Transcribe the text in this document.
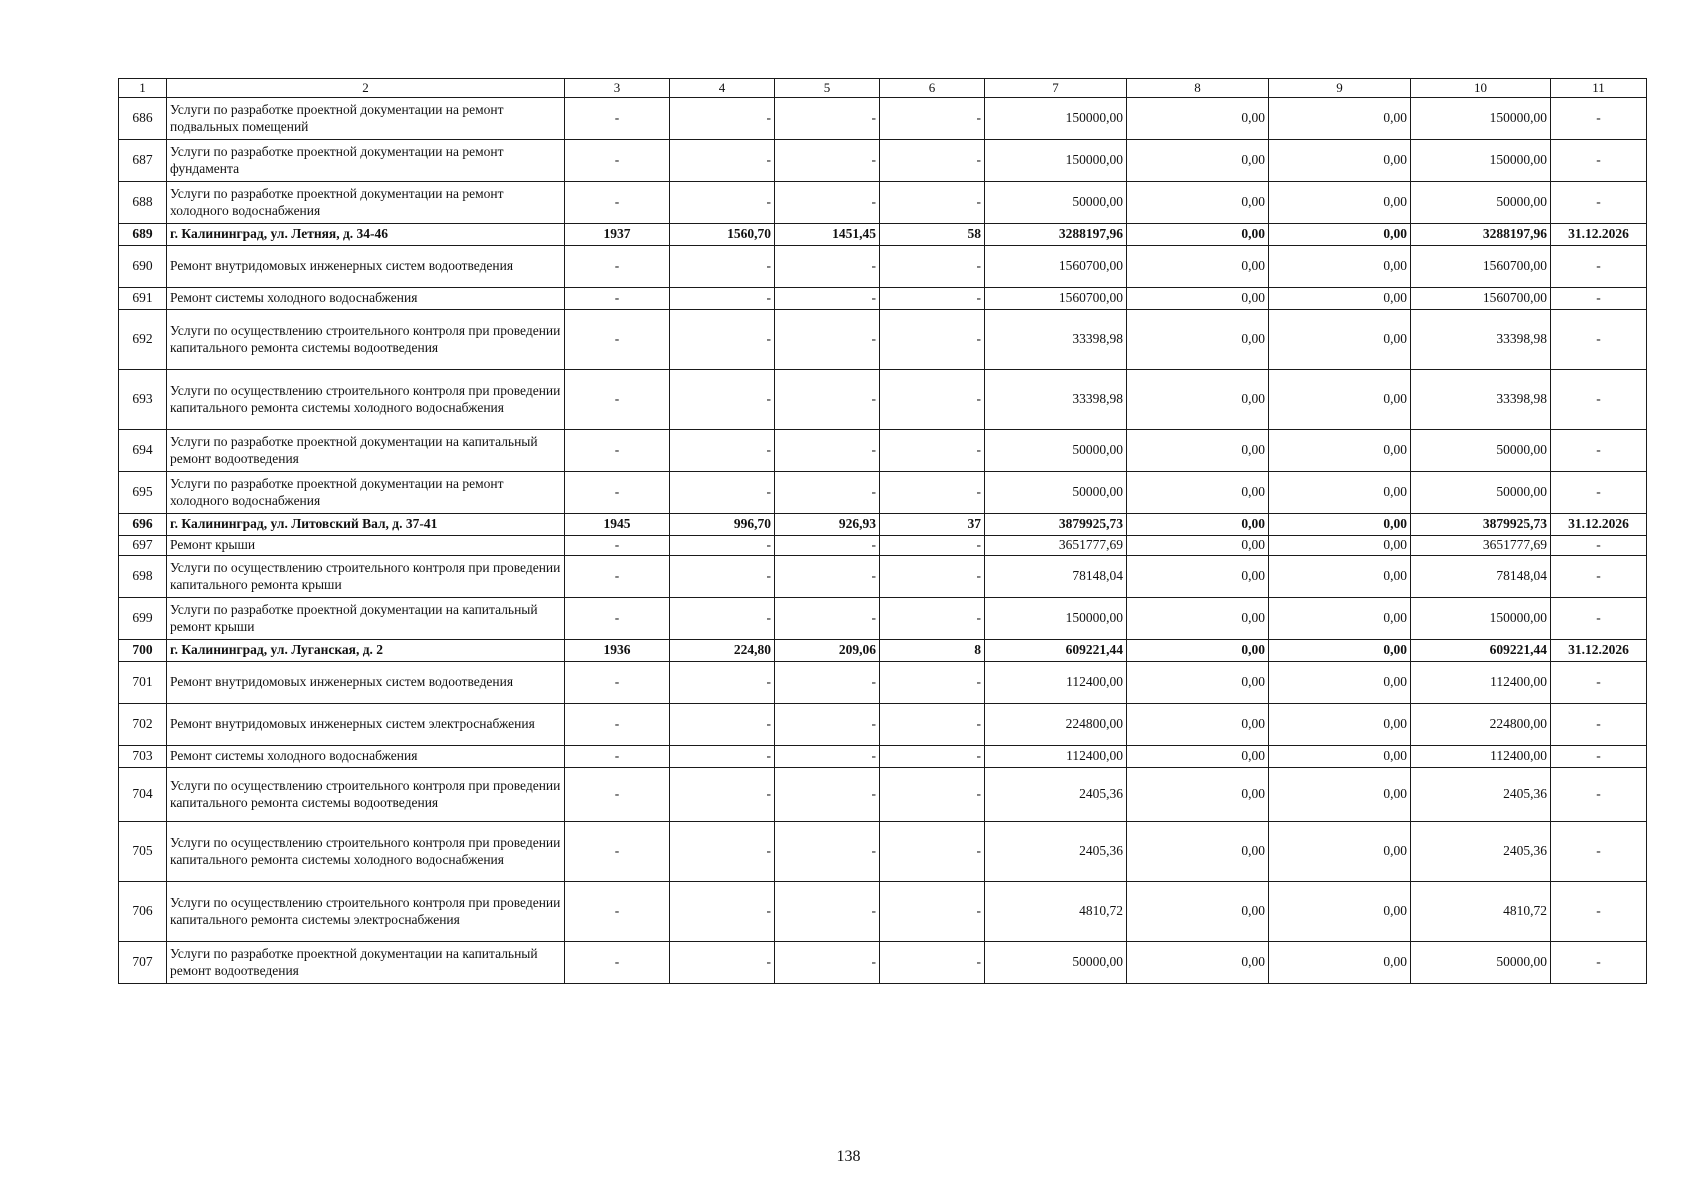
1	2	3	4	5	6	7	8	9	10	11
686	Услуги по разработке проектной документации на ремонт подвальных помещений	-	-	-	-	150000,00	0,00	0,00	150000,00	-
687	Услуги по разработке проектной документации на ремонт фундамента	-	-	-	-	150000,00	0,00	0,00	150000,00	-
688	Услуги по разработке проектной документации на ремонт холодного водоснабжения	-	-	-	-	50000,00	0,00	0,00	50000,00	-
689	г. Калининград, ул. Летняя, д. 34-46	1937	1560,70	1451,45	58	3288197,96	0,00	0,00	3288197,96	31.12.2026
690	Ремонт внутридомовых инженерных систем водоотведения	-	-	-	-	1560700,00	0,00	0,00	1560700,00	-
691	Ремонт системы холодного водоснабжения	-	-	-	-	1560700,00	0,00	0,00	1560700,00	-
692	Услуги по осуществлению строительного контроля при проведении капитального ремонта системы водоотведения	-	-	-	-	33398,98	0,00	0,00	33398,98	-
693	Услуги по осуществлению строительного контроля при проведении капитального ремонта системы холодного водоснабжения	-	-	-	-	33398,98	0,00	0,00	33398,98	-
694	Услуги по разработке проектной документации на капитальный ремонт водоотведения	-	-	-	-	50000,00	0,00	0,00	50000,00	-
695	Услуги по разработке проектной документации на ремонт холодного водоснабжения	-	-	-	-	50000,00	0,00	0,00	50000,00	-
696	г. Калининград, ул. Литовский Вал, д. 37-41	1945	996,70	926,93	37	3879925,73	0,00	0,00	3879925,73	31.12.2026
697	Ремонт крыши	-	-	-	-	3651777,69	0,00	0,00	3651777,69	-
698	Услуги по осуществлению строительного контроля при проведении капитального ремонта крыши	-	-	-	-	78148,04	0,00	0,00	78148,04	-
699	Услуги по разработке проектной документации на капитальный ремонт крыши	-	-	-	-	150000,00	0,00	0,00	150000,00	-
700	г. Калининград, ул. Луганская, д. 2	1936	224,80	209,06	8	609221,44	0,00	0,00	609221,44	31.12.2026
701	Ремонт внутридомовых инженерных систем водоотведения	-	-	-	-	112400,00	0,00	0,00	112400,00	-
702	Ремонт внутридомовых инженерных систем электроснабжения	-	-	-	-	224800,00	0,00	0,00	224800,00	-
703	Ремонт системы холодного водоснабжения	-	-	-	-	112400,00	0,00	0,00	112400,00	-
704	Услуги по осуществлению строительного контроля при проведении капитального ремонта системы водоотведения	-	-	-	-	2405,36	0,00	0,00	2405,36	-
705	Услуги по осуществлению строительного контроля при проведении капитального ремонта системы холодного водоснабжения	-	-	-	-	2405,36	0,00	0,00	2405,36	-
706	Услуги по осуществлению строительного контроля при проведении капитального ремонта системы электроснабжения	-	-	-	-	4810,72	0,00	0,00	4810,72	-
707	Услуги по разработке проектной документации на капитальный ремонт водоотведения	-	-	-	-	50000,00	0,00	0,00	50000,00	-
138
